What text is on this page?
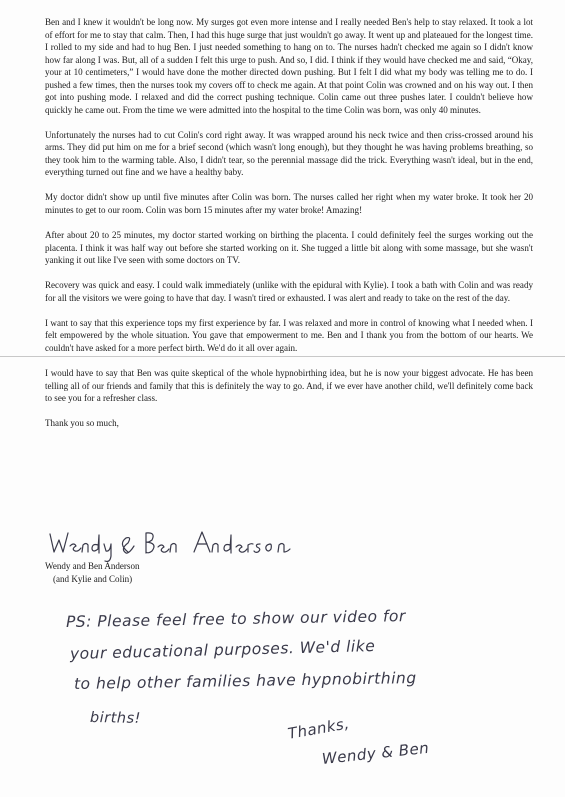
Ben and I knew it wouldn't be long now. My surges got even more intense and I really needed Ben's help to stay relaxed. It took a lot of effort for me to stay that calm. Then, I had this huge surge that just wouldn't go away. It went up and plateaued for the longest time. I rolled to my side and had to hug Ben. I just needed something to hang on to. The nurses hadn't checked me again so I didn't know how far along I was. But, all of a sudden I felt this urge to push. And so, I did. I think if they would have checked me and said, “Okay, your at 10 centimeters,” I would have done the mother directed down pushing. But I felt I did what my body was telling me to do. I pushed a few times, then the nurses took my covers off to check me again. At that point Colin was crowned and on his way out. I then got into pushing mode. I relaxed and did the correct pushing technique. Colin came out three pushes later. I couldn't believe how quickly he came out. From the time we were admitted into the hospital to the time Colin was born, was only 40 minutes.

Unfortunately the nurses had to cut Colin's cord right away. It was wrapped around his neck twice and then criss-crossed around his arms. They did put him on me for a brief second (which wasn't long enough), but they thought he was having problems breathing, so they took him to the warming table. Also, I didn't tear, so the perennial massage did the trick. Everything wasn't ideal, but in the end, everything turned out fine and we have a healthy baby.

My doctor didn't show up until five minutes after Colin was born. The nurses called her right when my water broke. It took her 20 minutes to get to our room. Colin was born 15 minutes after my water broke! Amazing!

After about 20 to 25 minutes, my doctor started working on birthing the placenta. I could definitely feel the surges working out the placenta. I think it was half way out before she started working on it. She tugged a little bit along with some massage, but she wasn't yanking it out like I've seen with some doctors on TV.

Recovery was quick and easy. I could walk immediately (unlike with the epidural with Kylie). I took a bath with Colin and was ready for all the visitors we were going to have that day. I wasn't tired or exhausted. I was alert and ready to take on the rest of the day.

I want to say that this experience tops my first experience by far. I was relaxed and more in control of knowing what I needed when. I felt empowered by the whole situation. You gave that empowerment to me. Ben and I thank you from the bottom of our hearts. We couldn't have asked for a more perfect birth. We'd do it all over again.

I would have to say that Ben was quite skeptical of the whole hypnobirthing idea, but he is now your biggest advocate. He has been telling all of our friends and family that this is definitely the way to go. And, if we ever have another child, we'll definitely come back to see you for a refresher class.

Thank you so much,

Wendy and Ben Anderson
(and Kylie and Colin)
PS: Please feel free to show our video for
your educational purposes. We'd like
to help other families have hypnobirthing
births!	Thanks,
Wendy & Ben
